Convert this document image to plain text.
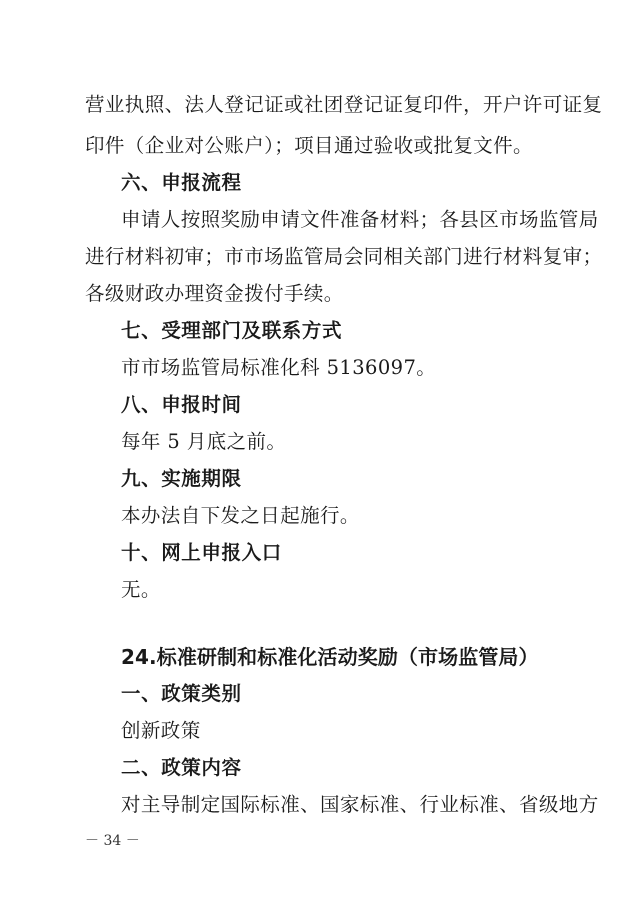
营业执照、法人登记证或社团登记证复印件，开户许可证复
印件（企业对公账户）；项目通过验收或批复文件。
六、申报流程
申请人按照奖励申请文件准备材料；各县区市场监管局
进行材料初审；市市场监管局会同相关部门进行材料复审；
各级财政办理资金拨付手续。
七、受理部门及联系方式
市市场监管局标准化科 5136097。
八、申报时间
每年 5 月底之前。
九、实施期限
本办法自下发之日起施行。
十、网上申报入口
无。
24.标准研制和标准化活动奖励（市场监管局）
一、政策类别
创新政策
二、政策内容
对主导制定国际标准、国家标准、行业标准、省级地方
－ 34 －
